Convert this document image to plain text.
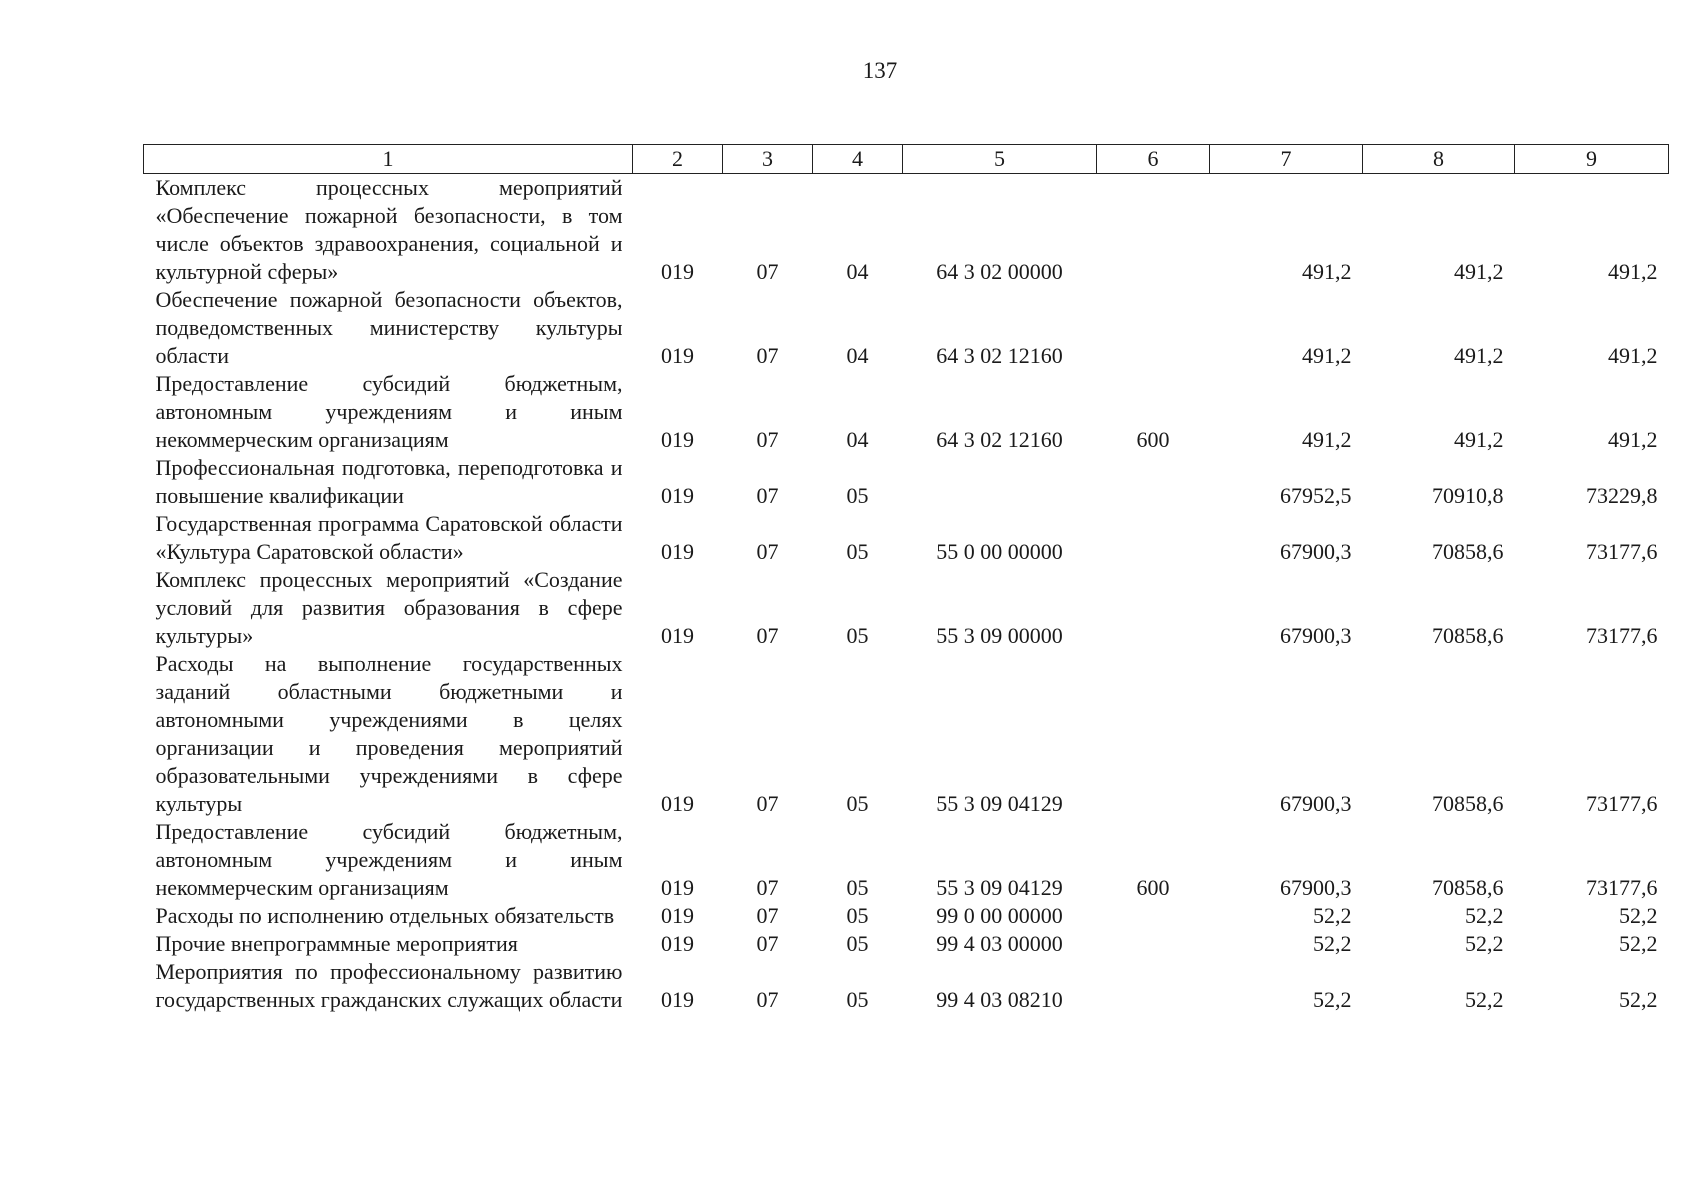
137
1	2	3	4	5	6	7	8	9
Комплекс процессных мероприятий «Обеспечение пожарной безопасности, в том числе объектов здравоохранения, социальной и культурной сферы»	019	07	04	64 3 02 00000		491,2	491,2	491,2
Обеспечение пожарной безопасности объектов, подведомственных министерству культуры области	019	07	04	64 3 02 12160		491,2	491,2	491,2
Предоставление субсидий бюджетным, автономным учреждениям и иным некоммерческим организациям	019	07	04	64 3 02 12160	600	491,2	491,2	491,2
Профессиональная подготовка, переподготовка и повышение квалификации	019	07	05			67952,5	70910,8	73229,8
Государственная программа Саратовской области «Культура Саратовской области»	019	07	05	55 0 00 00000		67900,3	70858,6	73177,6
Комплекс процессных мероприятий «Создание условий для развития образования в сфере культуры»	019	07	05	55 3 09 00000		67900,3	70858,6	73177,6
Расходы на выполнение государственных заданий областными бюджетными и автономными учреждениями в целях организации и проведения мероприятий образовательными учреждениями в сфере культуры	019	07	05	55 3 09 04129		67900,3	70858,6	73177,6
Предоставление субсидий бюджетным, автономным учреждениям и иным некоммерческим организациям	019	07	05	55 3 09 04129	600	67900,3	70858,6	73177,6
Расходы по исполнению отдельных обязательств	019	07	05	99 0 00 00000		52,2	52,2	52,2
Прочие внепрограммные мероприятия	019	07	05	99 4 03 00000		52,2	52,2	52,2
Мероприятия по профессиональному развитию государственных гражданских служащих области	019	07	05	99 4 03 08210		52,2	52,2	52,2
